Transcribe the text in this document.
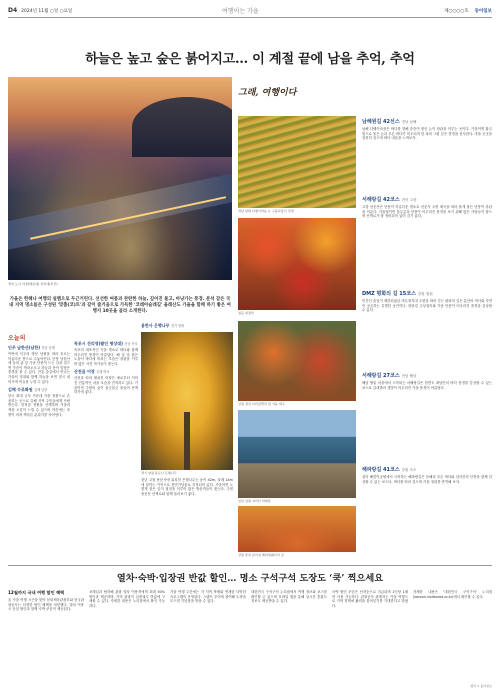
D4 2024년 11월 ○일 ○요일	여행이는 가을	제○○○○호 동아일보
하늘은 높고 숲은 붉어지고… 이 계절 끝에 남을 추억, 추억
경상 도시 야경(해운대) 전망대(부산)
그래, 여행이다
경남 남해 다랭이마을 논 구불다랑이 전경
정읍 내장산
강원 정선 아리랑열차 및 가을 계곡
전북 남원 지리산 바래봉
강원 춘천 남이섬 메타세쿼이아 길
남해원길 42선스 경남 남해
남해 다랭이마을은 바다를 향해 층층이 쌓인 논이 장관을 이루는 곳이다. 가을이면 황금빛으로 물든 논과 푸른 바다가 어우러져 한 폭의 그림 같은 풍경을 선사한다. 마을 곳곳을 천천히 걸으며 바다 내음을 느껴보자.
서해랑길 42코스 전북 고창
고창 선운산은 단풍이 아름다운 명소로 선운사 주변 계곡을 따라 붉게 물든 단풍이 장관을 이룬다. 가을철이면 꽃무릇과 단풍이 어우러진 풍경을 보기 위해 많은 사람들이 찾으며 산책로가 잘 정비되어 있어 걷기 좋다.
DMZ 평화의 길 15코스 강원 철원
민간인 출입이 제한되었던 비무장지대 주변을 따라 걷는 평화의 길은 분단의 역사와 자연이 공존하는 특별한 공간이다. 한탄강 주상절리와 가을 단풍이 어우러진 풍경을 감상할 수 있다.
서해랑길 27코스 전남 해남
해남 땅끝 마을에서 시작되는 서해랑길은 한반도 최남단의 바다 풍경을 감상할 수 있는 코스로 갈대밭과 갯벌이 어우러진 가을 풍경이 아름답다.
해파랑길 41코스 강원 속초
설악 해맞이공원에서 시작하는 해파랑길은 동해의 푸른 바다와 설악산의 단풍을 함께 감상할 수 있는 코스다. 바다를 따라 걸으며 가을 정취를 만끽해 보자.
가을은 한해나 여행의 설렘으로 두근거린다. 선선한 여름과 찬란한 하늘, 깊어진 물고, 마냥가는 풍경. 분석 같은 국내 지역 명소들은 구성된 '맞춤(코)트'과 같이 즐거움으로 가득한 '코레아슬레길' 올레산도 가을을 함께 하기 좋은 여행지 10곳을 골라 소개한다.
오늘의
인주 남한산(남한) 경남 남해
이번에 인주의 방문 남원을 따라 흐르는 아름다운 풍으로 수놓아진다. 단풍 남한산에 올라 굽 앞 가을 단풍이 드는 길을 걸으면 가슴이 벅차오르고 하늘과 산이 맞닿은 풍경을 볼 수 있다. 전통 숲길에서 만나는 가을의 정취와 함께 하늘을 보면 잠시 쉬어가며 여유를 누릴 수 있다.
김해 수로화원 김해 남한
한국 최대 규모 가운데 가을 정원으로 손꼽히는 곳으로 김해 지역 주민들에게 사랑받는다. 한적한 정원을 산책하며 가을의 색을 오롯이 느낄 수 있으며 야간에는 조명이 켜져 색다른 분위기를 자아낸다.
목포시 진리영(팔인 명상대) 전남 목포
목포의 대표적인 가을 명소로 바다와 함께 어우러진 풍경이 아름답다. 해 질 녘 붉은 노을이 바다에 비치는 모습은 장관을 이루며 많은 사진 작가들이 찾는다.
산천읍 어장 김해 명서
산천을 따라 펼쳐진 어장은 예로부터 이어진 전통적인 마을 모습을 간직하고 있다. 가을이면 주변의 숲이 울긋불긋 물들어 산책하기에 좋다.
용반사 은행나무 경기 양평
경기 양평 용문사 은행나무
천년 고찰 용문사에 위치한 은행나무는 높이 42m, 둘레 14m에 달하는 거목으로 천연기념물로 지정되어 있다. 가을이면 노랗게 물든 잎이 절정을 이루어 많은 방문객들이 찾는다. 주변 용문산 산책로와 함께 둘러보기 좋다.
열차·숙박·입장권 반값 할인… 명소 구석구석 도장도 ‘쿡’ 찍으세요
12월까지 국내 여행 할인 혜택
올 가을 여행 시즌을 맞아 문화체육관광부와 한국관광공사는 다양한 할인 혜택을 마련했다. 열차 이용 시 운임 할인과 함께 숙박 쿠폰이 제공된다.
코레일과 협력해 관광 열차 이용객에게 최대 50% 할인을 제공하며, 지역 관광지 입장권도 반값에 구매할 수 있다. 자세한 내용은 누리집에서 확인 가능하다.
가을 여행 주간에는 각 지역 축제와 연계한 다양한 프로그램이 운영된다. 스탬프 투어에 참여해 도장을 모으면 기념품을 받을 수 있다.
대한민국 구석구석 누리집에서 여행 정보와 코스를 확인할 수 있으며 모바일 앱을 통해 실시간 혼잡도 정보도 제공받을 수 있다.
숙박 할인 쿠폰은 선착순으로 지급되며 1인당 1매만 사용 가능하다. 관광공사 관계자는 가을 여행으로 지역 경제에 활력을 불어넣기를 기대한다고 밝혔다.
자세한 내용은 '대한민국 구석구석' 누리집(korean.visitkorea.or.kr)에서 확인할 수 있다.
정리 = 동아일보
